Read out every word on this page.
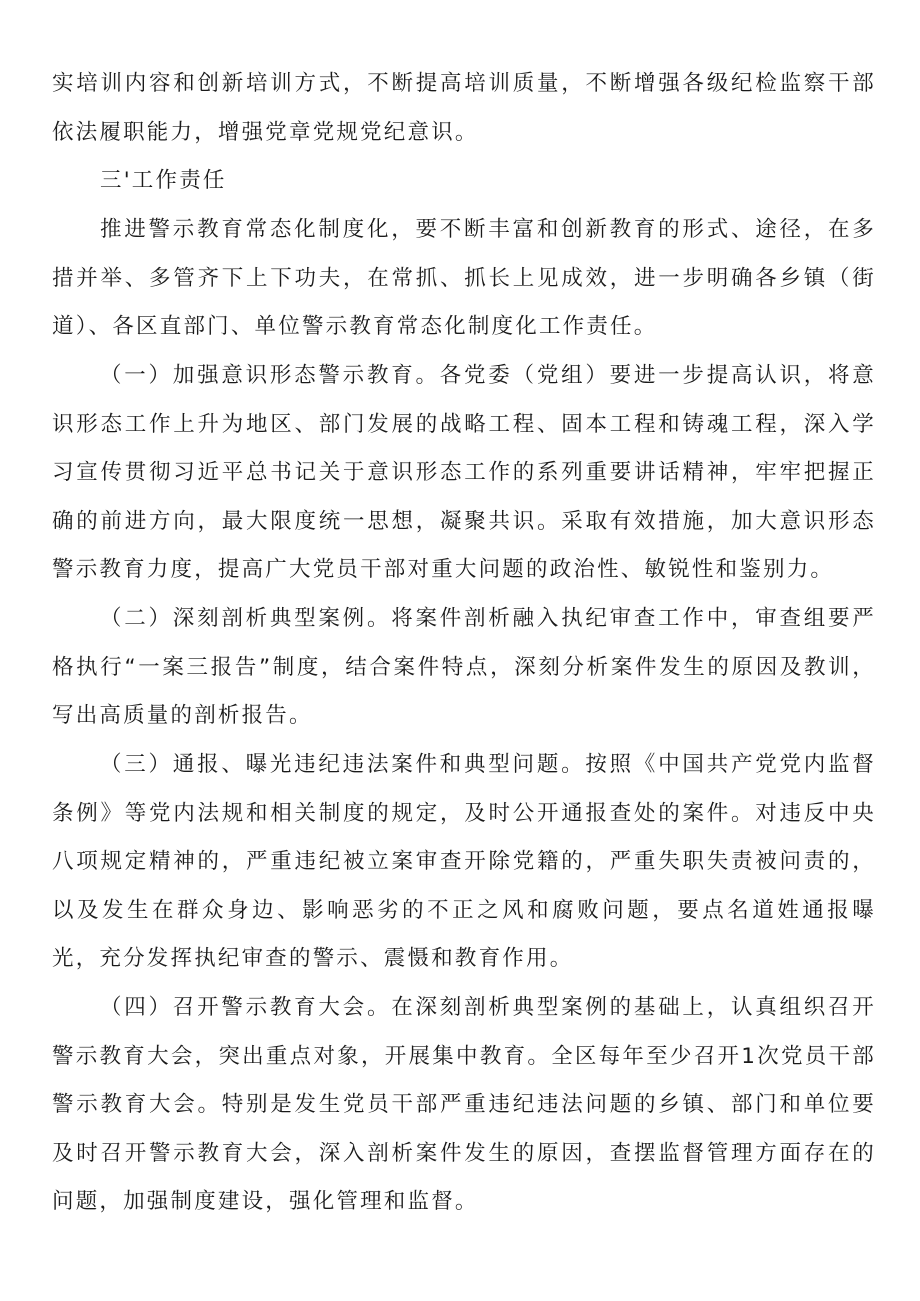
实培训内容和创新培训方式，不断提高培训质量，不断增强各级纪检监察干部依法履职能力，增强党章党规党纪意识。

三'工作责任

推进警示教育常态化制度化，要不断丰富和创新教育的形式、途径，在多措并举、多管齐下上下功夫，在常抓、抓长上见成效，进一步明确各乡镇（街道）、各区直部门、单位警示教育常态化制度化工作责任。

（一）加强意识形态警示教育。各党委（党组）要进一步提高认识，将意识形态工作上升为地区、部门发展的战略工程、固本工程和铸魂工程，深入学习宣传贯彻习近平总书记关于意识形态工作的系列重要讲话精神，牢牢把握正确的前进方向，最大限度统一思想，凝聚共识。采取有效措施，加大意识形态警示教育力度，提高广大党员干部对重大问题的政治性、敏锐性和鉴别力。

（二）深刻剖析典型案例。将案件剖析融入执纪审查工作中，审查组要严格执行“一案三报告”制度，结合案件特点，深刻分析案件发生的原因及教训，写出高质量的剖析报告。

（三）通报、曝光违纪违法案件和典型问题。按照《中国共产党党内监督条例》等党内法规和相关制度的规定，及时公开通报查处的案件。对违反中央八项规定精神的，严重违纪被立案审查开除党籍的，严重失职失责被问责的，以及发生在群众身边、影响恶劣的不正之风和腐败问题，要点名道姓通报曝光，充分发挥执纪审查的警示、震慑和教育作用。

（四）召开警示教育大会。在深刻剖析典型案例的基础上，认真组织召开警示教育大会，突出重点对象，开展集中教育。全区每年至少召开1次党员干部警示教育大会。特别是发生党员干部严重违纪违法问题的乡镇、部门和单位要及时召开警示教育大会，深入剖析案件发生的原因，查摆监督管理方面存在的问题，加强制度建设，强化管理和监督。
